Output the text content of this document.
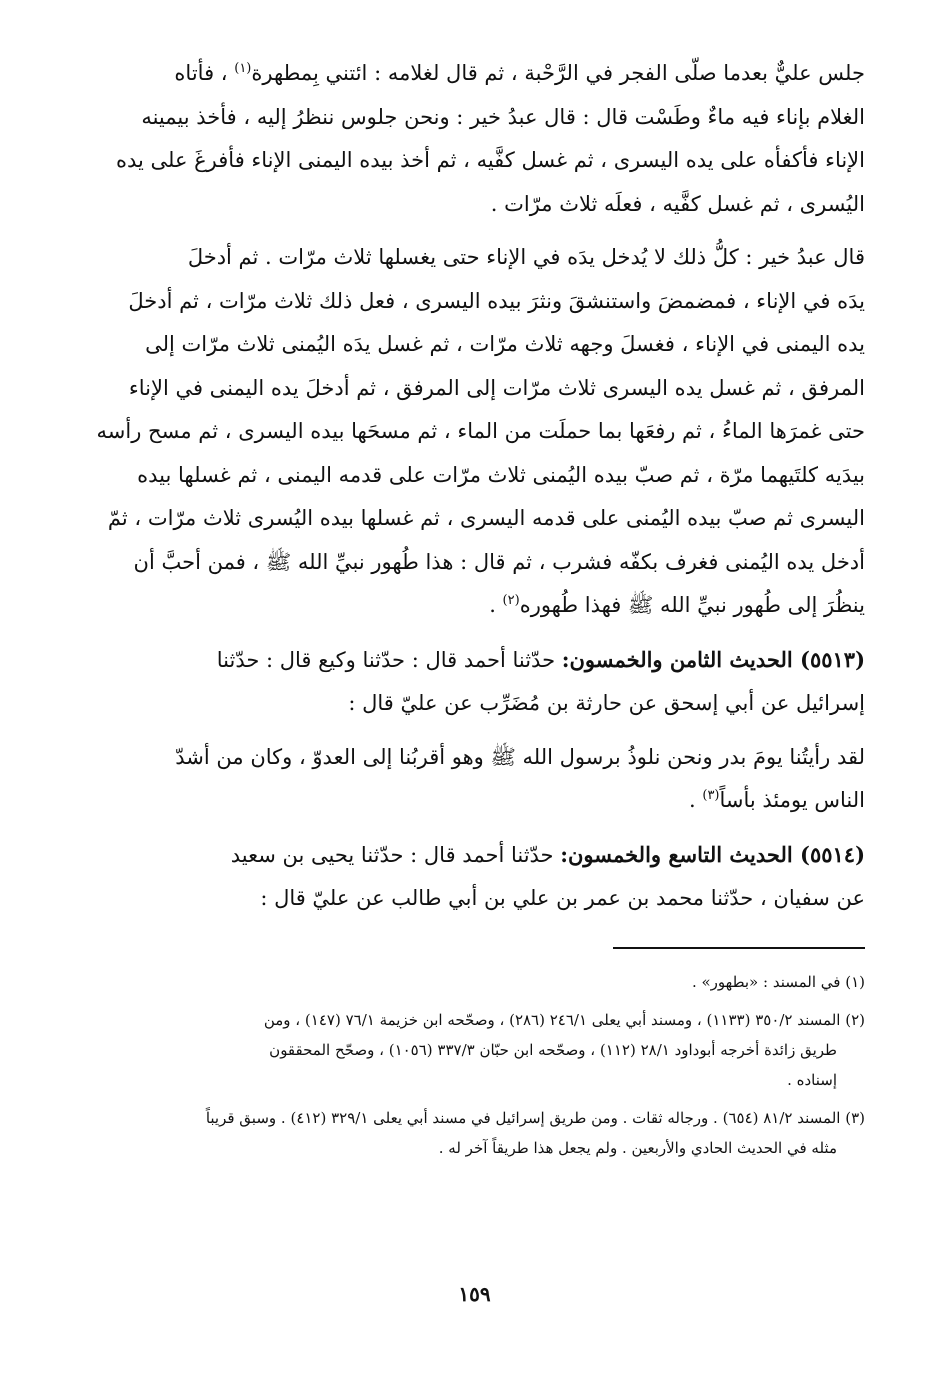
جلس عليٌّ بعدما صلّى الفجر في الرَّحْبة ، ثم قال لغلامه : ائتني بِمطهرة$^{(١)}$ ، فأتاه
الغلام بإناء فيه ماءٌ وطَسْت قال : قال عبدُ خير : ونحن جلوس ننظرُ إليه ، فأخذ بيمينه
الإناء فأكفأه على يده اليسرى ، ثم غسل كفَّيه ، ثم أخذ بيده اليمنى الإناء فأفرغَ على يده
اليُسرى ، ثم غسل كفَّيه ، فعلَه ثلاث مرّات .
قال عبدُ خير : كلُّ ذلك لا يُدخل يدَه في الإناء حتى يغسلها ثلاث مرّات . ثم أدخلَ
يدَه في الإناء ، فمضمضَ واستنشقَ ونثرَ بيده اليسرى ، فعل ذلك ثلاث مرّات ، ثم أدخلَ
يده اليمنى في الإناء ، فغسلَ وجهه ثلاث مرّات ، ثم غسل يدَه اليُمنى ثلاث مرّات إلى
المرفق ، ثم غسل يده اليسرى ثلاث مرّات إلى المرفق ، ثم أدخلَ يده اليمنى في الإناء
حتى غمرَها الماءُ ، ثم رفعَها بما حملَت من الماء ، ثم مسحَها بيده اليسرى ، ثم مسح رأسه
بيدَيه كلتَيهما مرّة ، ثم صبّ بيده اليُمنى ثلاث مرّات على قدمه اليمنى ، ثم غسلها بيده
اليسرى ثم صبّ بيده اليُمنى على قدمه اليسرى ، ثم غسلها بيده اليُسرى ثلاث مرّات ، ثمّ
أدخل يده اليُمنى فغرف بكفّه فشرب ، ثم قال : هذا طُهور نبيِّ الله ﷺ ، فمن أحبَّ أن
ينظُرَ إلى طُهور نبيِّ الله ﷺ فهذا طُهوره$^{(٢)}$ .
(٥٥١٣) الحديث الثامن والخمسون: حدّثنا أحمد قال : حدّثنا وكيع قال : حدّثنا
إسرائيل عن أبي إسحق عن حارثة بن مُضَرِّب عن عليّ قال :
لقد رأيتُنا يومَ بدر ونحن نلوذُ برسول الله ﷺ وهو أقربُنا إلى العدوّ ، وكان من أشدّ
الناس يومئذ بأساً$^{(٣)}$ .
(٥٥١٤) الحديث التاسع والخمسون: حدّثنا أحمد قال : حدّثنا يحيى بن سعيد
عن سفيان ، حدّثنا محمد بن عمر بن علي بن أبي طالب عن عليّ قال :
(١) في المسند : «بطهور» .
(٢) المسند ٣٥٠/٢ (١١٣٣) ، ومسند أبي يعلى ٢٤٦/١ (٢٨٦) ، وصحّحه ابن خزيمة ٧٦/١ (١٤٧) ، ومن
طريق زائدة أخرجه أبوداود ٢٨/١ (١١٢) ، وصحّحه ابن حبّان ٣٣٧/٣ (١٠٥٦) ، وصحّح المحققون
إسناده .
(٣) المسند ٨١/٢ (٦٥٤) . ورجاله ثقات . ومن طريق إسرائيل في مسند أبي يعلى ٣٢٩/١ (٤١٢) . وسبق قريباً
مثله في الحديث الحادي والأربعين . ولم يجعل هذا طريقاً آخر له .
١٥٩
